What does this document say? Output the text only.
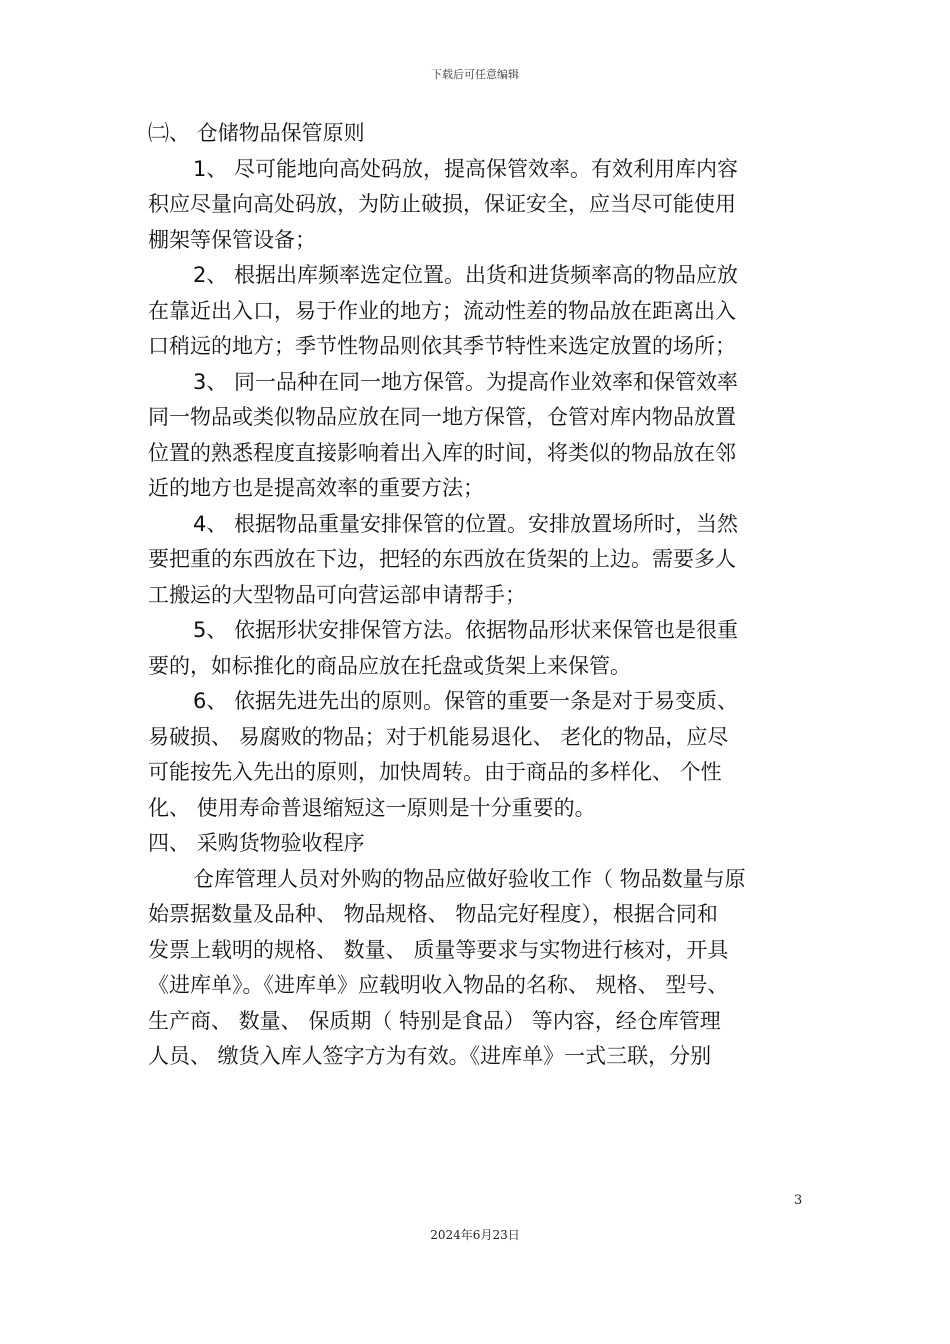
下载后可任意编辑
㈡、 仓储物品保管原则
1、 尽可能地向高处码放，提高保管效率。有效利用库内容
积应尽量向高处码放，为防止破损，保证安全，应当尽可能使用
棚架等保管设备；
2、 根据出库频率选定位置。出货和进货频率高的物品应放
在靠近出入口，易于作业的地方；流动性差的物品放在距离出入
口稍远的地方；季节性物品则依其季节特性来选定放置的场所；
3、 同一品种在同一地方保管。为提高作业效率和保管效率
同一物品或类似物品应放在同一地方保管，仓管对库内物品放置
位置的熟悉程度直接影响着出入库的时间，将类似的物品放在邻
近的地方也是提高效率的重要方法；
4、 根据物品重量安排保管的位置。安排放置场所时，当然
要把重的东西放在下边，把轻的东西放在货架的上边。需要多人
工搬运的大型物品可向营运部申请帮手；
5、 依据形状安排保管方法。依据物品形状来保管也是很重
要的，如标推化的商品应放在托盘或货架上来保管。
6、 依据先进先出的原则。保管的重要一条是对于易变质、
易破损、 易腐败的物品；对于机能易退化、 老化的物品，应尽
可能按先入先出的原则，加快周转。由于商品的多样化、 个性
化、 使用寿命普退缩短这一原则是十分重要的。
四、 采购货物验收程序
仓库管理人员对外购的物品应做好验收工作（ 物品数量与原
始票据数量及品种、 物品规格、 物品完好程度），根据合同和
发票上载明的规格、 数量、 质量等要求与实物进行核对，开具
《进库单》。《进库单》应载明收入物品的名称、 规格、 型号、
生产商、 数量、 保质期（ 特别是食品） 等内容，经仓库管理
人员、 缴货入库人签字方为有效。《进库单》一式三联，分别
3
2024年6月23日
